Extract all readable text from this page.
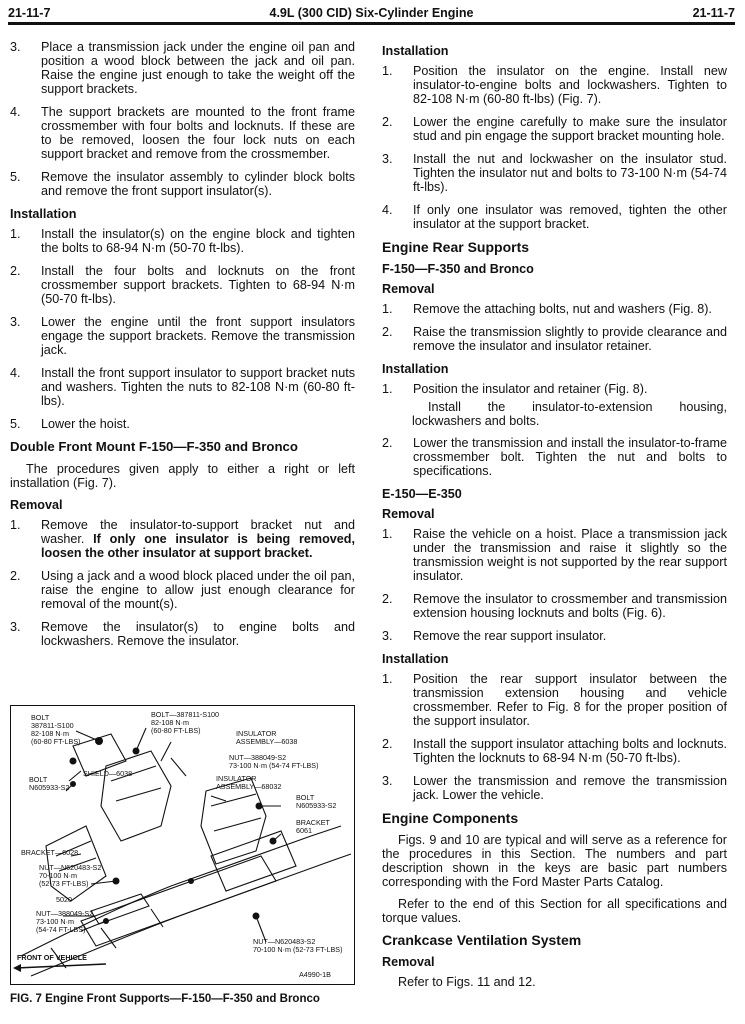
21-11-7	4.9L (300 CID) Six-Cylinder Engine	21-11-7
3. Place a transmission jack under the engine oil pan and position a wood block between the jack and oil pan. Raise the engine just enough to take the weight off the support brackets.
4. The support brackets are mounted to the front frame crossmember with four bolts and locknuts. If these are to be removed, loosen the four lock nuts on each support bracket and remove from the crossmember.
5. Remove the insulator assembly to cylinder block bolts and remove the front support insulator(s).
Installation
1. Install the insulator(s) on the engine block and tighten the bolts to 68-94 N·m (50-70 ft-lbs).
2. Install the four bolts and locknuts on the front crossmember support brackets. Tighten to 68-94 N·m (50-70 ft-lbs).
3. Lower the engine until the front support insulators engage the support brackets. Remove the transmission jack.
4. Install the front support insulator to support bracket nuts and washers. Tighten the nuts to 82-108 N·m (60-80 ft-lbs).
5. Lower the hoist.
Double Front Mount F-150—F-350 and Bronco
The procedures given apply to either a right or left installation (Fig. 7).
Removal
1. Remove the insulator-to-support bracket nut and washer. If only one insulator is being removed, loosen the other insulator at support bracket.
2. Using a jack and a wood block placed under the oil pan, raise the engine to allow just enough clearance for removal of the mount(s).
3. Remove the insulator(s) to engine bolts and lockwashers. Remove the insulator.
BOLT
387811-S100
82-108 N·m
(60-80 FT-LBS)
BOLT—387811-S100
82-108 N·m
(60-80 FT-LBS)	INSULATOR
ASSEMBLY—6038
NUT—388049-S2
73-100 N·m (54-74 FT-LBS)
SHIELD—6038
BOLT
N605933-S2
INSULATOR
ASSEMBLY—68032
BOLT
N605933-S2
BRACKET
6061
BRACKET—6028
NUT—N620483-S2
70-100 N·m
(52-73 FT-LBS)
5020
NUT—388049-S2
73-100 N·m
(54-74 FT-LBS)
NUT—N620483-S2
70-100 N·m (52-73 FT-LBS)
FRONT OF VEHICLE
A4990-1B
FIG. 7 Engine Front Supports—F-150—F-350 and Bronco
Installation
1. Position the insulator on the engine. Install new insulator-to-engine bolts and lockwashers. Tighten to 82-108 N·m (60-80 ft-lbs) (Fig. 7).
2. Lower the engine carefully to make sure the insulator stud and pin engage the support bracket mounting hole.
3. Install the nut and lockwasher on the insulator stud. Tighten the insulator nut and bolts to 73-100 N·m (54-74 ft-lbs).
4. If only one insulator was removed, tighten the other insulator at the support bracket.
Engine Rear Supports
F-150—F-350 and Bronco
Removal
1. Remove the attaching bolts, nut and washers (Fig. 8).
2. Raise the transmission slightly to provide clearance and remove the insulator and insulator retainer.
Installation
1. Position the insulator and retainer (Fig. 8).
Install the insulator-to-extension housing, lockwashers and bolts.
2. Lower the transmission and install the insulator-to-frame crossmember bolt. Tighten the nut and bolts to specifications.
E-150—E-350
Removal
1. Raise the vehicle on a hoist. Place a transmission jack under the transmission and raise it slightly so the transmission weight is not supported by the rear support insulator.
2. Remove the insulator to crossmember and transmission extension housing locknuts and bolts (Fig. 6).
3. Remove the rear support insulator.
Installation
1. Position the rear support insulator between the transmission extension housing and vehicle crossmember. Refer to Fig. 8 for the proper position of the support insulator.
2. Install the support insulator attaching bolts and locknuts. Tighten the locknuts to 68-94 N·m (50-70 ft-lbs).
3. Lower the transmission and remove the transmission jack. Lower the vehicle.
Engine Components
Figs. 9 and 10 are typical and will serve as a reference for the procedures in this Section. The numbers and part description shown in the keys are basic part numbers corresponding with the Ford Master Parts Catalog.
Refer to the end of this Section for all specifications and torque values.
Crankcase Ventilation System
Removal
Refer to Figs. 11 and 12.
